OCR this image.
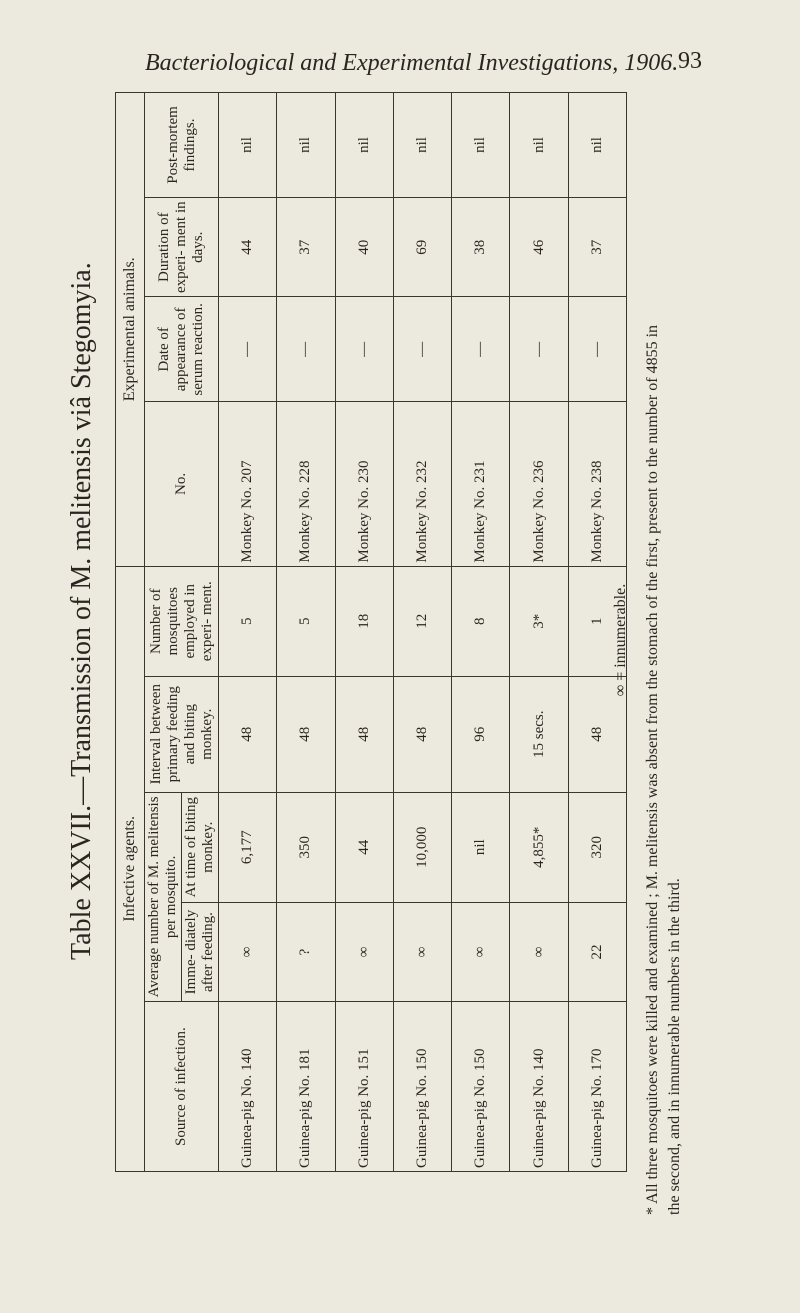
Bacteriological and Experimental Investigations, 1906. 93
Table XXVII.—Transmission of M. melitensis viâ Stegomyia.	Infective agents.					Experimental animals.			
Source of infection.	Average number of M. melitensis per mosquito.		Interval between primary feeding and biting monkey.	Number of mosquitoes employed in experi- ment.	No.	Date of appearance of serum reaction.	Duration of experi- ment in days.	Post-mortem findings.
	Imme- diately after feeding.	At time of biting monkey.						
Guinea-pig No. 140	∞	6,177	48	5	Monkey No. 207	—	44	nil
Guinea-pig No. 181	?	350	48	5	Monkey No. 228	—	37	nil
Guinea-pig No. 151	∞	44	48	18	Monkey No. 230	—	40	nil
Guinea-pig No. 150	∞	10,000	48	12	Monkey No. 232	—	69	nil
Guinea-pig No. 150	∞	nil	96	8	Monkey No. 231	—	38	nil
Guinea-pig No. 140	∞	4,855*	15 secs.	3*	Monkey No. 236	—	46	nil
Guinea-pig No. 170	22	320	48	1	Monkey No. 238	—	37	nil
∞ = innumerable. * All three mosquitoes were killed and examined ; M. melitensis was absent from the stomach of the first, present to the number of 4855 in the second, and in innumerable numbers in the third.
